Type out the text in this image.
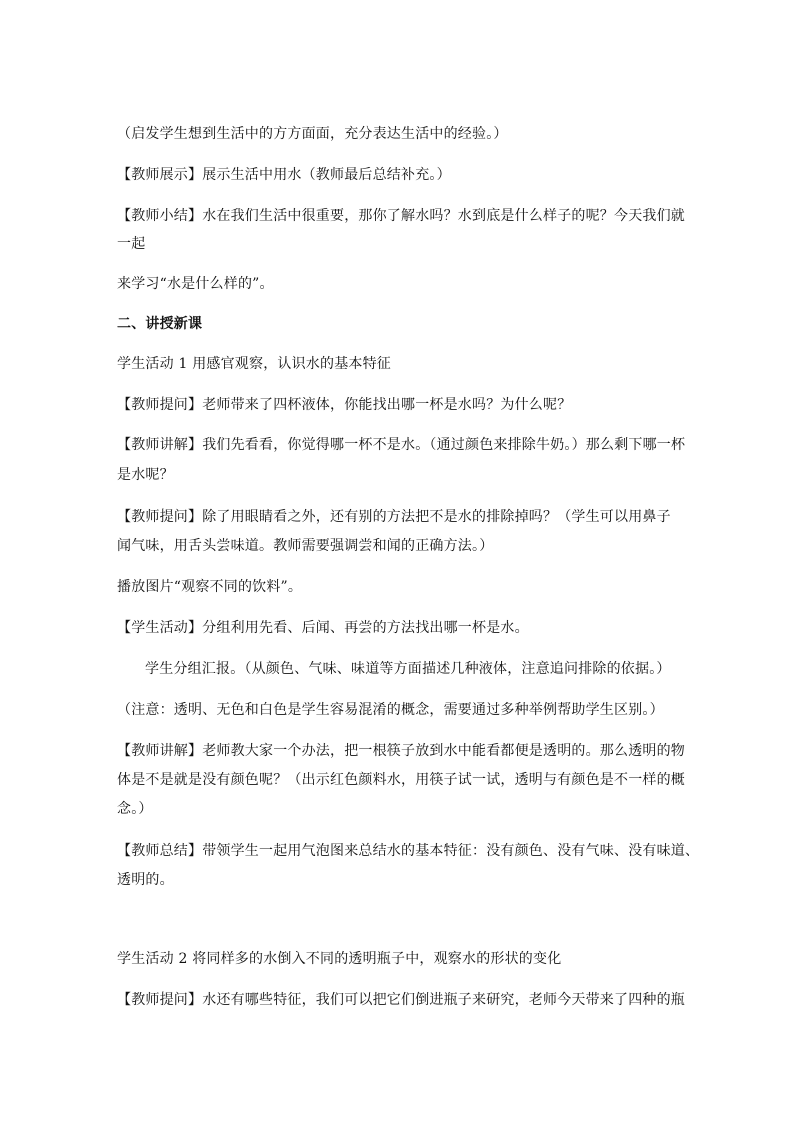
（启发学生想到生活中的方方面面，充分表达生活中的经验。）
【教师展示】展示生活中用水（教师最后总结补充。）
【教师小结】水在我们生活中很重要，那你了解水吗？水到底是什么样子的呢？今天我们就
一起
来学习“水是什么样的”。
二、讲授新课
学生活动 1 用感官观察，认识水的基本特征
【教师提问】老师带来了四杯液体，你能找出哪一杯是水吗？为什么呢？
【教师讲解】我们先看看，你觉得哪一杯不是水。（通过颜色来排除牛奶。）那么剩下哪一杯
是水呢？
【教师提问】除了用眼睛看之外，还有别的方法把不是水的排除掉吗？（学生可以用鼻子
闻气味，用舌头尝味道。教师需要强调尝和闻的正确方法。）
播放图片“观察不同的饮料”。
【学生活动】分组利用先看、后闻、再尝的方法找出哪一杯是水。
学生分组汇报。（从颜色、气味、味道等方面描述几种液体，注意追问排除的依据。）
（注意：透明、无色和白色是学生容易混淆的概念，需要通过多种举例帮助学生区别。）
【教师讲解】老师教大家一个办法，把一根筷子放到水中能看都便是透明的。那么透明的物
体是不是就是没有颜色呢？（出示红色颜料水，用筷子试一试，透明与有颜色是不一样的概
念。）
【教师总结】带领学生一起用气泡图来总结水的基本特征：没有颜色、没有气味、没有味道、
透明的。
学生活动 2 将同样多的水倒入不同的透明瓶子中，观察水的形状的变化
【教师提问】水还有哪些特征，我们可以把它们倒进瓶子来研究，老师今天带来了四种的瓶
